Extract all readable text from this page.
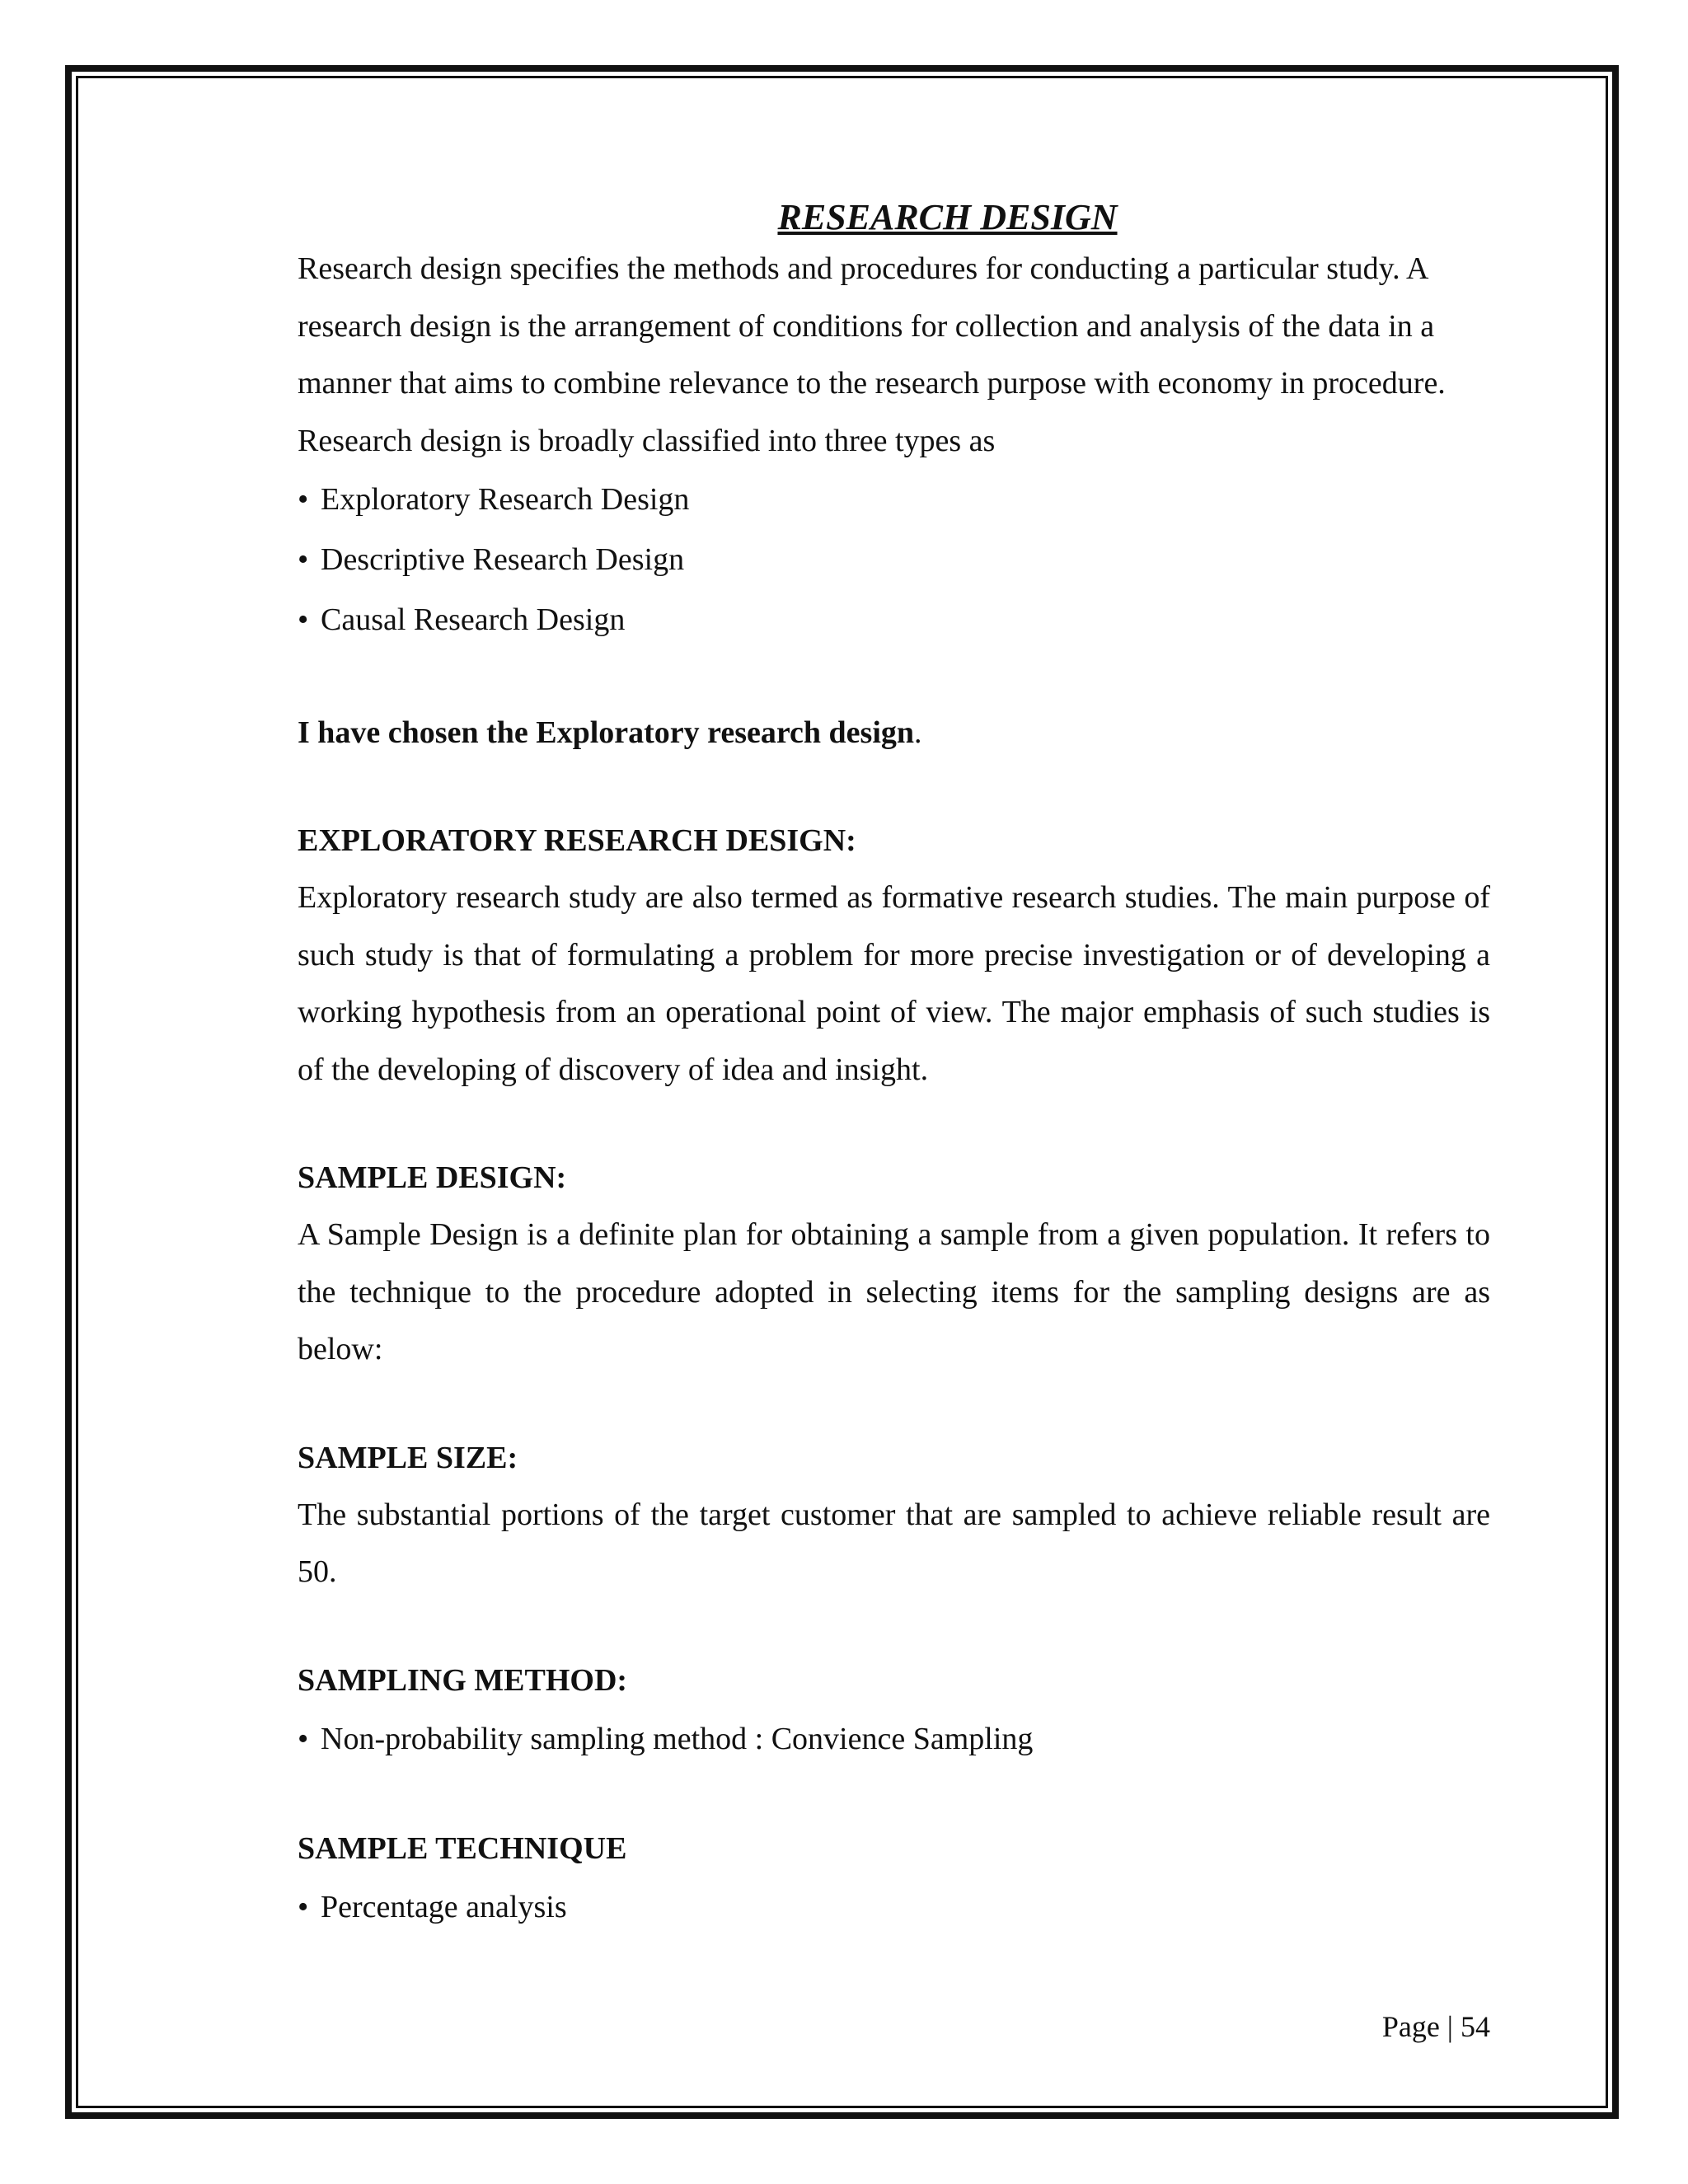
RESEARCH DESIGN

Research design specifies the methods and procedures for conducting a particular study. A research design is the arrangement of conditions for collection and analysis of the data in a manner that aims to combine relevance to the research purpose with economy in procedure. Research design is broadly classified into three types as

• Exploratory Research Design
• Descriptive Research Design
• Causal Research Design

I have chosen the Exploratory research design.

EXPLORATORY RESEARCH DESIGN:

Exploratory research study are also termed as formative research studies. The main purpose of such study is that of formulating a problem for more precise investigation or of developing a working hypothesis from an operational point of view. The major emphasis of such studies is of the developing of discovery of idea and insight.

SAMPLE DESIGN:

A Sample Design is a definite plan for obtaining a sample from a given population. It refers to the technique to the procedure adopted in selecting items for the sampling designs are as below:

SAMPLE SIZE:

The substantial portions of the target customer that are sampled to achieve reliable result are 50.

SAMPLING METHOD:
• Non-probability sampling method : Convience Sampling
SAMPLE TECHNIQUE
• Percentage analysis
Page | 54
